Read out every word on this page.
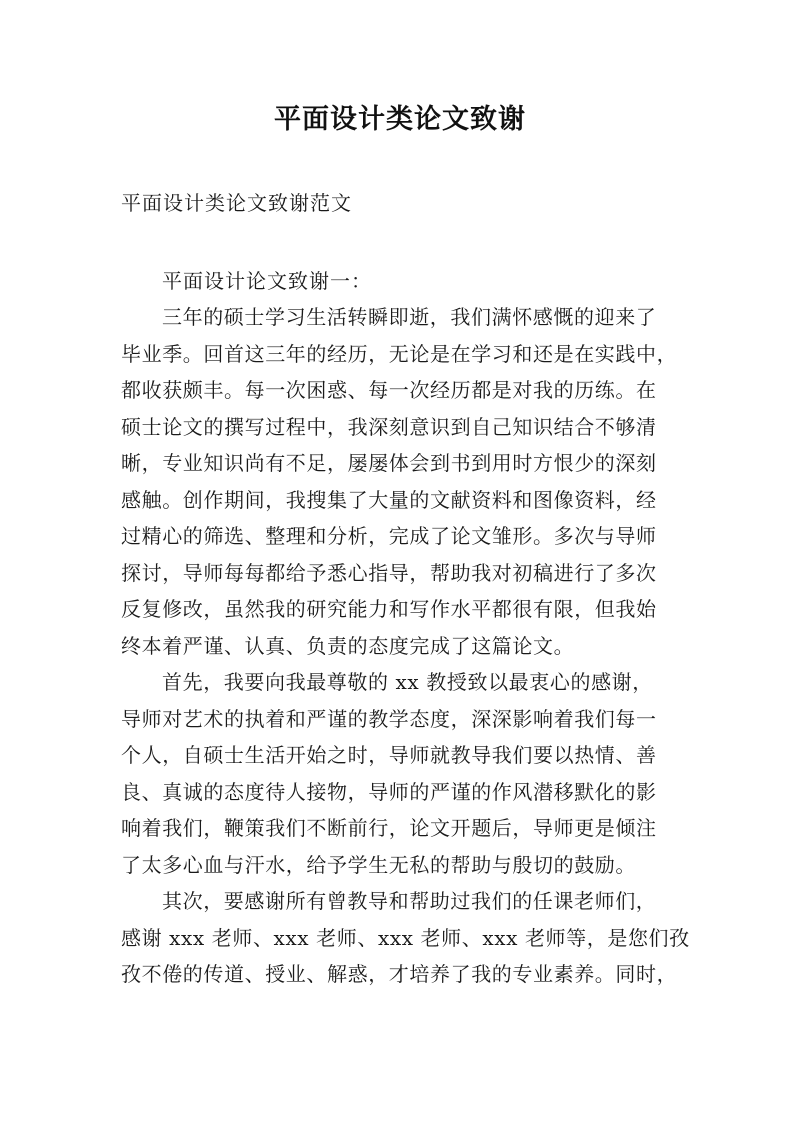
平面设计类论文致谢
平面设计类论文致谢范文

平面设计论文致谢一：

三年的硕士学习生活转瞬即逝，我们满怀感慨的迎来了
毕业季。回首这三年的经历，无论是在学习和还是在实践中，
都收获颇丰。每一次困惑、每一次经历都是对我的历练。在
硕士论文的撰写过程中，我深刻意识到自己知识结合不够清
晰，专业知识尚有不足，屡屡体会到书到用时方恨少的深刻
感触。创作期间，我搜集了大量的文献资料和图像资料，经
过精心的筛选、整理和分析，完成了论文雏形。多次与导师
探讨，导师每每都给予悉心指导，帮助我对初稿进行了多次
反复修改，虽然我的研究能力和写作水平都很有限，但我始
终本着严谨、认真、负责的态度完成了这篇论文。

首先，我要向我最尊敬的 xx 教授致以最衷心的感谢，
导师对艺术的执着和严谨的教学态度，深深影响着我们每一
个人，自硕士生活开始之时，导师就教导我们要以热情、善
良、真诚的态度待人接物，导师的严谨的作风潜移默化的影
响着我们，鞭策我们不断前行，论文开题后，导师更是倾注
了太多心血与汗水，给予学生无私的帮助与殷切的鼓励。

其次，要感谢所有曾教导和帮助过我们的任课老师们，
感谢 xxx 老师、xxx 老师、xxx 老师、xxx 老师等，是您们孜
孜不倦的传道、授业、解惑，才培养了我的专业素养。同时，
